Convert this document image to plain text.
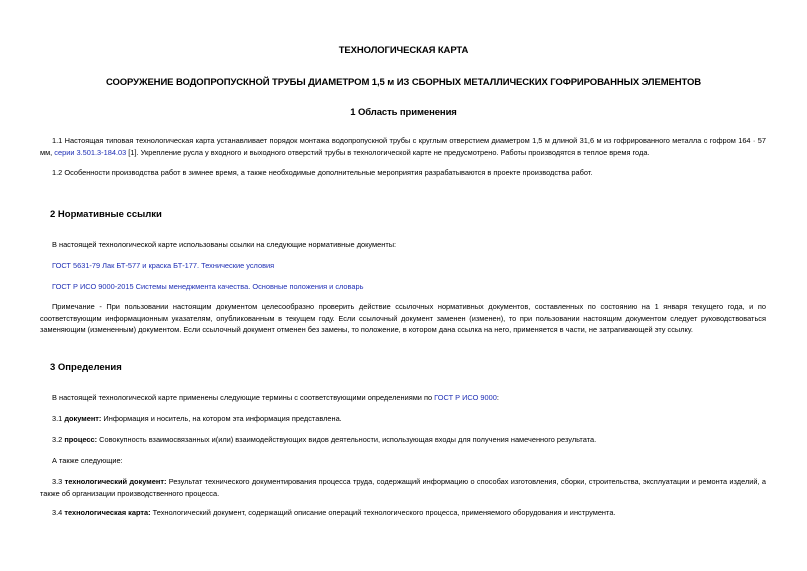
ТЕХНОЛОГИЧЕСКАЯ КАРТА
СООРУЖЕНИЕ ВОДОПРОПУСКНОЙ ТРУБЫ ДИАМЕТРОМ 1,5 м ИЗ СБОРНЫХ МЕТАЛЛИЧЕСКИХ ГОФРИРОВАННЫХ ЭЛЕМЕНТОВ
1 Область применения
1.1 Настоящая типовая технологическая карта устанавливает порядок монтажа водопропускной трубы с круглым отверстием диаметром 1,5 м длиной 31,6 м из гофрированного металла с гофром 164 · 57 мм, серии 3.501.3-184.03 [1]. Укрепление русла у входного и выходного отверстий трубы в технологической карте не предусмотрено. Работы производятся в теплое время года.
1.2 Особенности производства работ в зимнее время, а также необходимые дополнительные мероприятия разрабатываются в проекте производства работ.
2 Нормативные ссылки
В настоящей технологической карте использованы ссылки на следующие нормативные документы:
ГОСТ 5631-79 Лак БТ-577 и краска БТ-177. Технические условия
ГОСТ Р ИСО 9000-2015 Системы менеджмента качества. Основные положения и словарь
Примечание - При пользовании настоящим документом целесообразно проверить действие ссылочных нормативных документов, составленных по состоянию на 1 января текущего года, и по соответствующим информационным указателям, опубликованным в текущем году. Если ссылочный документ заменен (изменен), то при пользовании настоящим документом следует руководствоваться заменяющим (измененным) документом. Если ссылочный документ отменен без замены, то положение, в котором дана ссылка на него, применяется в части, не затрагивающей эту ссылку.
3 Определения
В настоящей технологической карте применены следующие термины с соответствующими определениями по ГОСТ Р ИСО 9000:
3.1 документ: Информация и носитель, на котором эта информация представлена.
3.2 процесс: Совокупность взаимосвязанных и(или) взаимодействующих видов деятельности, использующая входы для получения намеченного результата.
А также следующие:
3.3 технологический документ: Результат технического документирования процесса труда, содержащий информацию о способах изготовления, сборки, строительства, эксплуатации и ремонта изделий, а также об организации производственного процесса.
3.4 технологическая карта: Технологический документ, содержащий описание операций технологического процесса, применяемого оборудования и инструмента.
